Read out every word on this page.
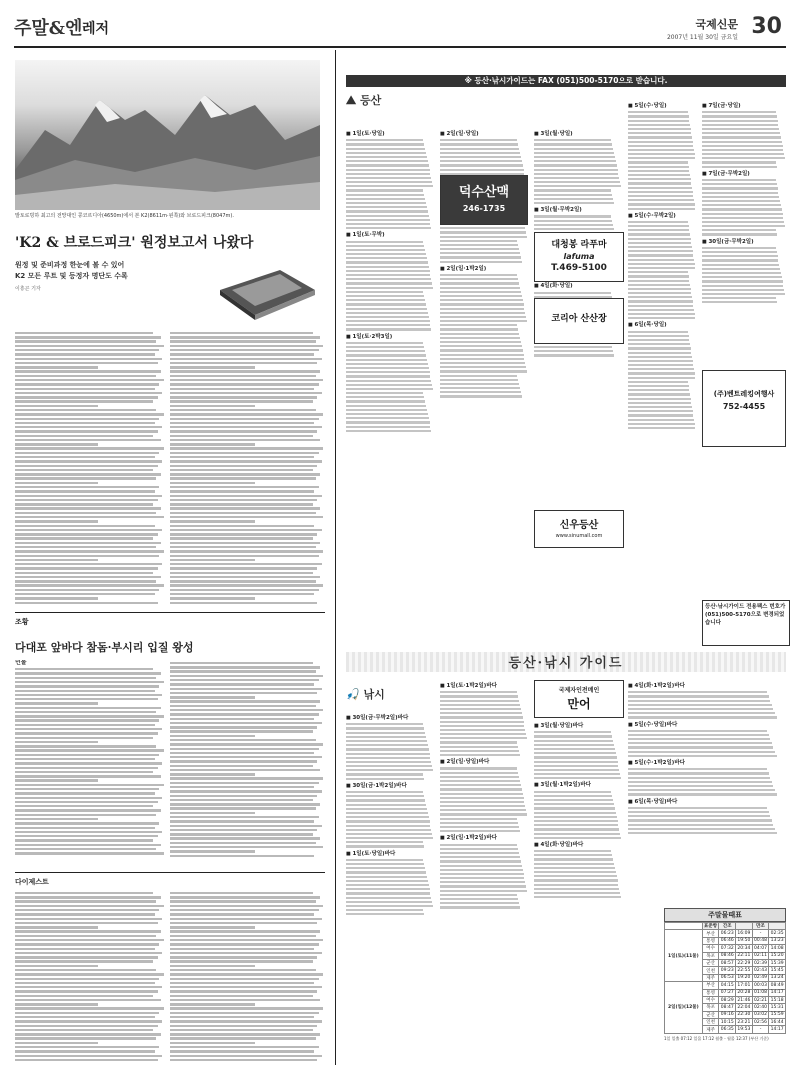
주말&엔 레저	국제신문
2007년 11월 30일 금요일 30
발토로빙하 최고의 전망대인 콩코르디아(4650m)에서 본 K2(8611m·왼쪽)와 브로드피크(8047m).
'K2 & 브로드피크' 원정보고서 나왔다
원정 및 준비과정 한눈에 볼 수 있어
K2 모든 루트 및 등정자 명단도 수록
이흥곤 기자
조황
다대포 앞바다 참돔·부시리 입질 왕성
민물
다이제스트
※ 등산·낚시가이드는 FAX (051)500-5170으로 받습니다.
⛰ 등산
■ 1일(토·당일)
■ 1일(토·무박)
■ 1일(토·2박3일)
■ 2일(일·당일)
■ 2일(일·1박2일)
■ 3일(월·당일)
■ 3일(월·무박2일)
■ 4일(화·당일)
■ 5일(수·당일)
■ 5일(수·무박2일)
■ 6일(목·당일)
■ 7일(금·당일)
■ 7일(금·무박2일)
■ 30일(금·무박2일)
덕수산맥
246-1735
대청봉 라푸마
lafuma
T.469-5100
코리아 산산장
신우등산
www.sinumall.com
(주)벤트레킹여행사
752-4455
등산·낚시가이드 전용팩스 번호가 (051)500-5170으로 변경되었습니다
등산·낚시 가이드
🎣 낚시
■ 30일(금·무박2일)바다
■ 30일(금·1박2일)바다
■ 1일(토·당일)바다
■ 1일(토·1박2일)바다
■ 2일(일·당일)바다
■ 2일(일·1박2일)바다
■ 3일(월·당일)바다
■ 3일(월·1박2일)바다
■ 4일(화·당일)바다
■ 4일(화·1박2일)바다
■ 5일(수·당일)바다
■ 5일(수·1박2일)바다
■ 6일(목·당일)바다
국제자인전메인
만어
주말물때표
	표준항	간조		만조	
1일(토)(11물)	부산	06:23	16:09	-	02:35
	통영	06:46	19:50	00:48	13:23
	여수	07:32	20:34	04:07	14:08
	목포	08:46	22:11	02:11	15:20
	군산	08:57	22:29	02:39	15:39
	인천	09:23	22:55	02:43	15:45
	제주	06:53	19:20	02:49	13:24
2일(일)(12물)	부산	04:15	17:01	00:03	08:49
	통영	07:27	20:28	01:08	14:17
	여수	08:29	21:46	02:21	15:18
	목포	08:47	22:04	02:40	15:31
	군산	09:16	22:30	03:02	15:59
	인천	10:15	23:21	02:56	16:44
	제주	06:35	19:53	-	14:17
1일 일출 07:12 일몰 17:12 월출 - 월몰 12:37 (부산 기준)
